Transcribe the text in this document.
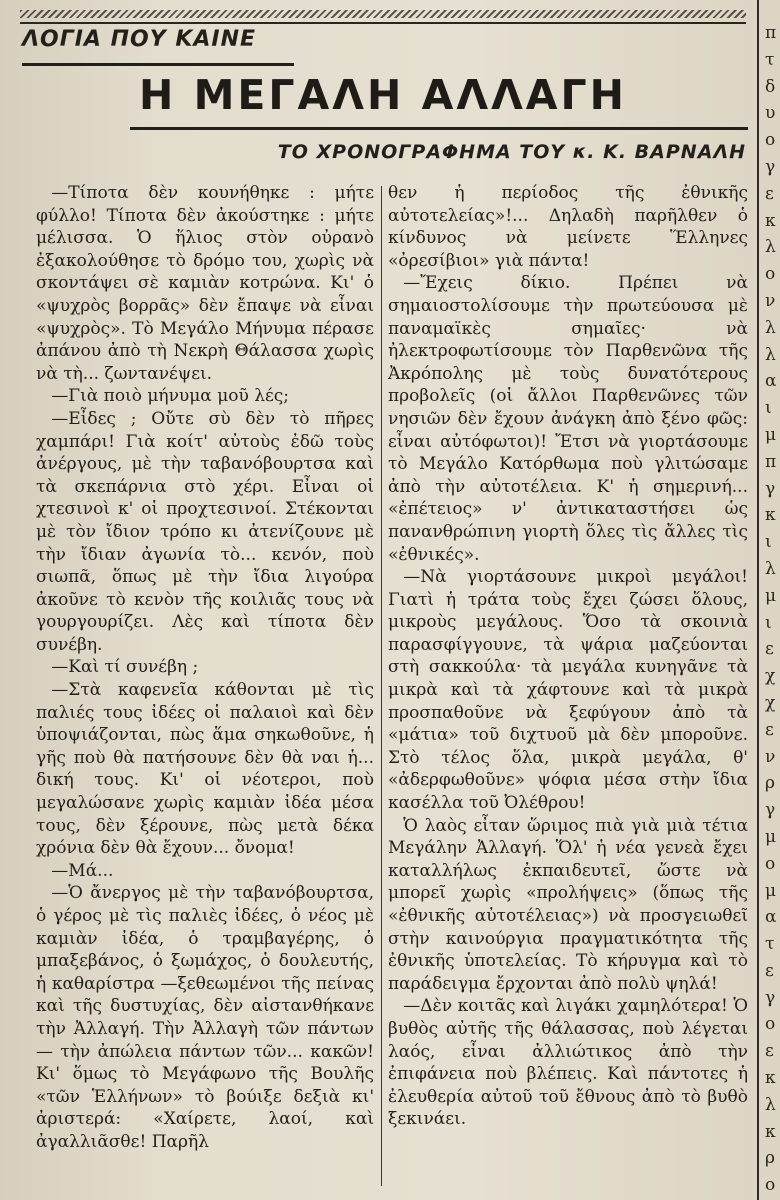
ΛΟΓΙΑ ΠΟΥ ΚΑΙΝΕ
Η ΜΕΓΑΛΗ ΑΛΛΑΓΗ
ΤΟ ΧΡΟΝΟΓΡΑΦΗΜΑ ΤΟΥ κ. Κ. ΒΑΡΝΑΛΗ

—Τίποτα δὲν κουνήθηκε : μήτε φύλλο! Τίποτα δὲν ἀκούστηκε : μήτε μέλισσα. Ὁ ἥλιος στὸν οὐρανὸ ἐξακολούθησε τὸ δρόμο του, χωρὶς νὰ σκοντάψει σὲ καμιὰν κοτρώνα. Κι' ὁ «ψυχρὸς βορρᾶς» δὲν ἔπαψε νὰ εἶναι «ψυχρὸς». Τὸ Μεγάλο Μήνυμα πέρασε ἀπάνου ἀπὸ τὴ Νεκρὴ Θάλασσα χωρὶς νὰ τὴ... ζωντανέψει.

—Γιὰ ποιὸ μήνυμα μοῦ λές;

—Εἶδες ; Οὔτε σὺ δὲν τὸ πῆρες χαμπάρι! Γιὰ κοίτ' αὐτοὺς ἐδῶ τοὺς ἀνέργους, μὲ τὴν ταβανόβουρτσα καὶ τὰ σκεπάρνια στὸ χέρι. Εἶναι οἱ χτεσινοὶ κ' οἱ προχτεσινοί. Στέκονται μὲ τὸν ἴδιον τρόπο κι ἀτενίζουνε μὲ τὴν ἴδιαν ἀγωνία τὸ... κενόν, ποὺ σιωπᾶ, ὅπως μὲ τὴν ἴδια λιγούρα ἀκοῦνε τὸ κενὸν τῆς κοιλιᾶς τους νὰ γουργουρίζει. Λὲς καὶ τίποτα δὲν συνέβη.

—Καὶ τί συνέβη ;

—Στὰ καφενεῖα κάθονται μὲ τὶς παλιές τους ἰδέες οἱ παλαιοὶ καὶ δὲν ὑποψιάζονται, πὼς ἅμα σηκωθοῦνε, ἡ γῆς ποὺ θὰ πατήσουνε δὲν θὰ ναι ἡ... δική τους. Κι' οἱ νέοτεροι, ποὺ μεγαλώσανε χωρὶς καμιὰν ἰδέα μέσα τους, δὲν ξέρουνε, πὼς μετὰ δέκα χρόνια δὲν θὰ ἔχουν... ὄνομα!

—Μά...

—Ὁ ἄνεργος μὲ τὴν ταβανόβουρτσα, ὁ γέρος μὲ τὶς παλιὲς ἰδέες, ὁ νέος μὲ καμιὰν ἰδέα, ὁ τραμβαγέρης, ὁ μπαξεβάνος, ὁ ξωμάχος, ὁ δουλευτής, ἡ καθαρίστρα —ξεθεωμένοι τῆς πείνας καὶ τῆς δυστυχίας, δὲν αἰστανθήκανε τὴν Ἀλλαγή. Τὴν Ἀλλαγὴ τῶν πάντων — τὴν ἀπώλεια πάντων τῶν... κακῶν! Κι' ὅμως τὸ Μεγάφωνο τῆς Βουλῆς «τῶν Ἑλλήνων» τὸ βούιξε δεξιὰ κι' ἀριστερά: «Χαίρετε, λαοί, καὶ ἀγαλλιᾶσθε! Παρῆλ

θεν ἡ περίοδος τῆς ἐθνικῆς αὐτοτελείας»!... Δηλαδὴ παρῆλθεν ὁ κίνδυνος νὰ μείνετε Ἕλληνες «ὀρεσίβιοι» γιὰ πάντα!

—Ἔχεις δίκιο. Πρέπει νὰ σημαιοστολίσουμε τὴν πρωτεύουσα μὲ παναμαϊκὲς σημαῖες· νὰ ἠλεκτροφωτίσουμε τὸν Παρθενῶνα τῆς Ἀκρόπολης μὲ τοὺς δυνατότερους προβολεῖς (οἱ ἄλλοι Παρθενῶνες τῶν νησιῶν δὲν ἔχουν ἀνάγκη ἀπὸ ξένο φῶς: εἶναι αὐτόφωτοι)! Ἔτσι νὰ γιορτάσουμε τὸ Μεγάλο Κατόρθωμα ποὺ γλιτώσαμε ἀπὸ τὴν αὐτοτέλεια. Κ' ἡ σημερινή... «ἐπέτειος» ν' ἀντικαταστήσει ὡς πανανθρώπινη γιορτὴ ὅλες τὶς ἄλλες τὶς «ἐθνικές».

—Νὰ γιορτάσουνε μικροὶ μεγάλοι! Γιατὶ ἡ τράτα τοὺς ἔχει ζώσει ὅλους, μικροὺς μεγάλους. Ὅσο τὰ σκοινιὰ παρασφίγγουνε, τὰ ψάρια μαζεύονται στὴ σακκούλα· τὰ μεγάλα κυνηγᾶνε τὰ μικρὰ καὶ τὰ χάφτουνε καὶ τὰ μικρὰ προσπαθοῦνε νὰ ξεφύγουν ἀπὸ τὰ «μάτια» τοῦ διχτυοῦ μὰ δὲν μποροῦνε. Στὸ τέλος ὅλα, μικρὰ μεγάλα, θ' «ἀδερφωθοῦνε» ψόφια μέσα στὴν ἴδια κασέλλα τοῦ Ὀλέθρου!

Ὁ λαὸς εἶταν ὥριμος πιὰ γιὰ μιὰ τέτια Μεγάλην Ἀλλαγή. Ὅλ' ἡ νέα γενεὰ ἔχει καταλλήλως ἐκπαιδευτεῖ, ὥστε νὰ μπορεῖ χωρὶς «προλήψεις» (ὅπως τῆς «ἐθνικῆς αὐτοτέλειας») νὰ προσγειωθεῖ στὴν καινούργια πραγματικότητα τῆς ἐθνικῆς ὑποτελείας. Τὸ κήρυγμα καὶ τὸ παράδειγμα ἔρχονται ἀπὸ πολὺ ψηλά!

—Δὲν κοιτᾶς καὶ λιγάκι χαμηλότερα! Ὁ βυθὸς αὐτῆς τῆς θάλασσας, ποὺ λέγεται λαός, εἶναι ἀλλιώτικος ἀπὸ τὴν ἐπιφάνεια ποὺ βλέπεις. Καὶ πάντοτες ἡ ἐλευθερία αὐτοῦ τοῦ ἔθνους ἀπὸ τὸ βυθὸ ξεκινάει.

π
τ
δ
υ
ο
γ
ε
κ
λ
ο
ν
λ
λ
α
ι
μ
π
γ
κ
ι
λ
μ
ι
ε
χ
χ
ε
ν
ρ
γ
μ
ο
μ
α
τ
ε
γ
ο
ε
κ
λ
κ
ρ
ο
